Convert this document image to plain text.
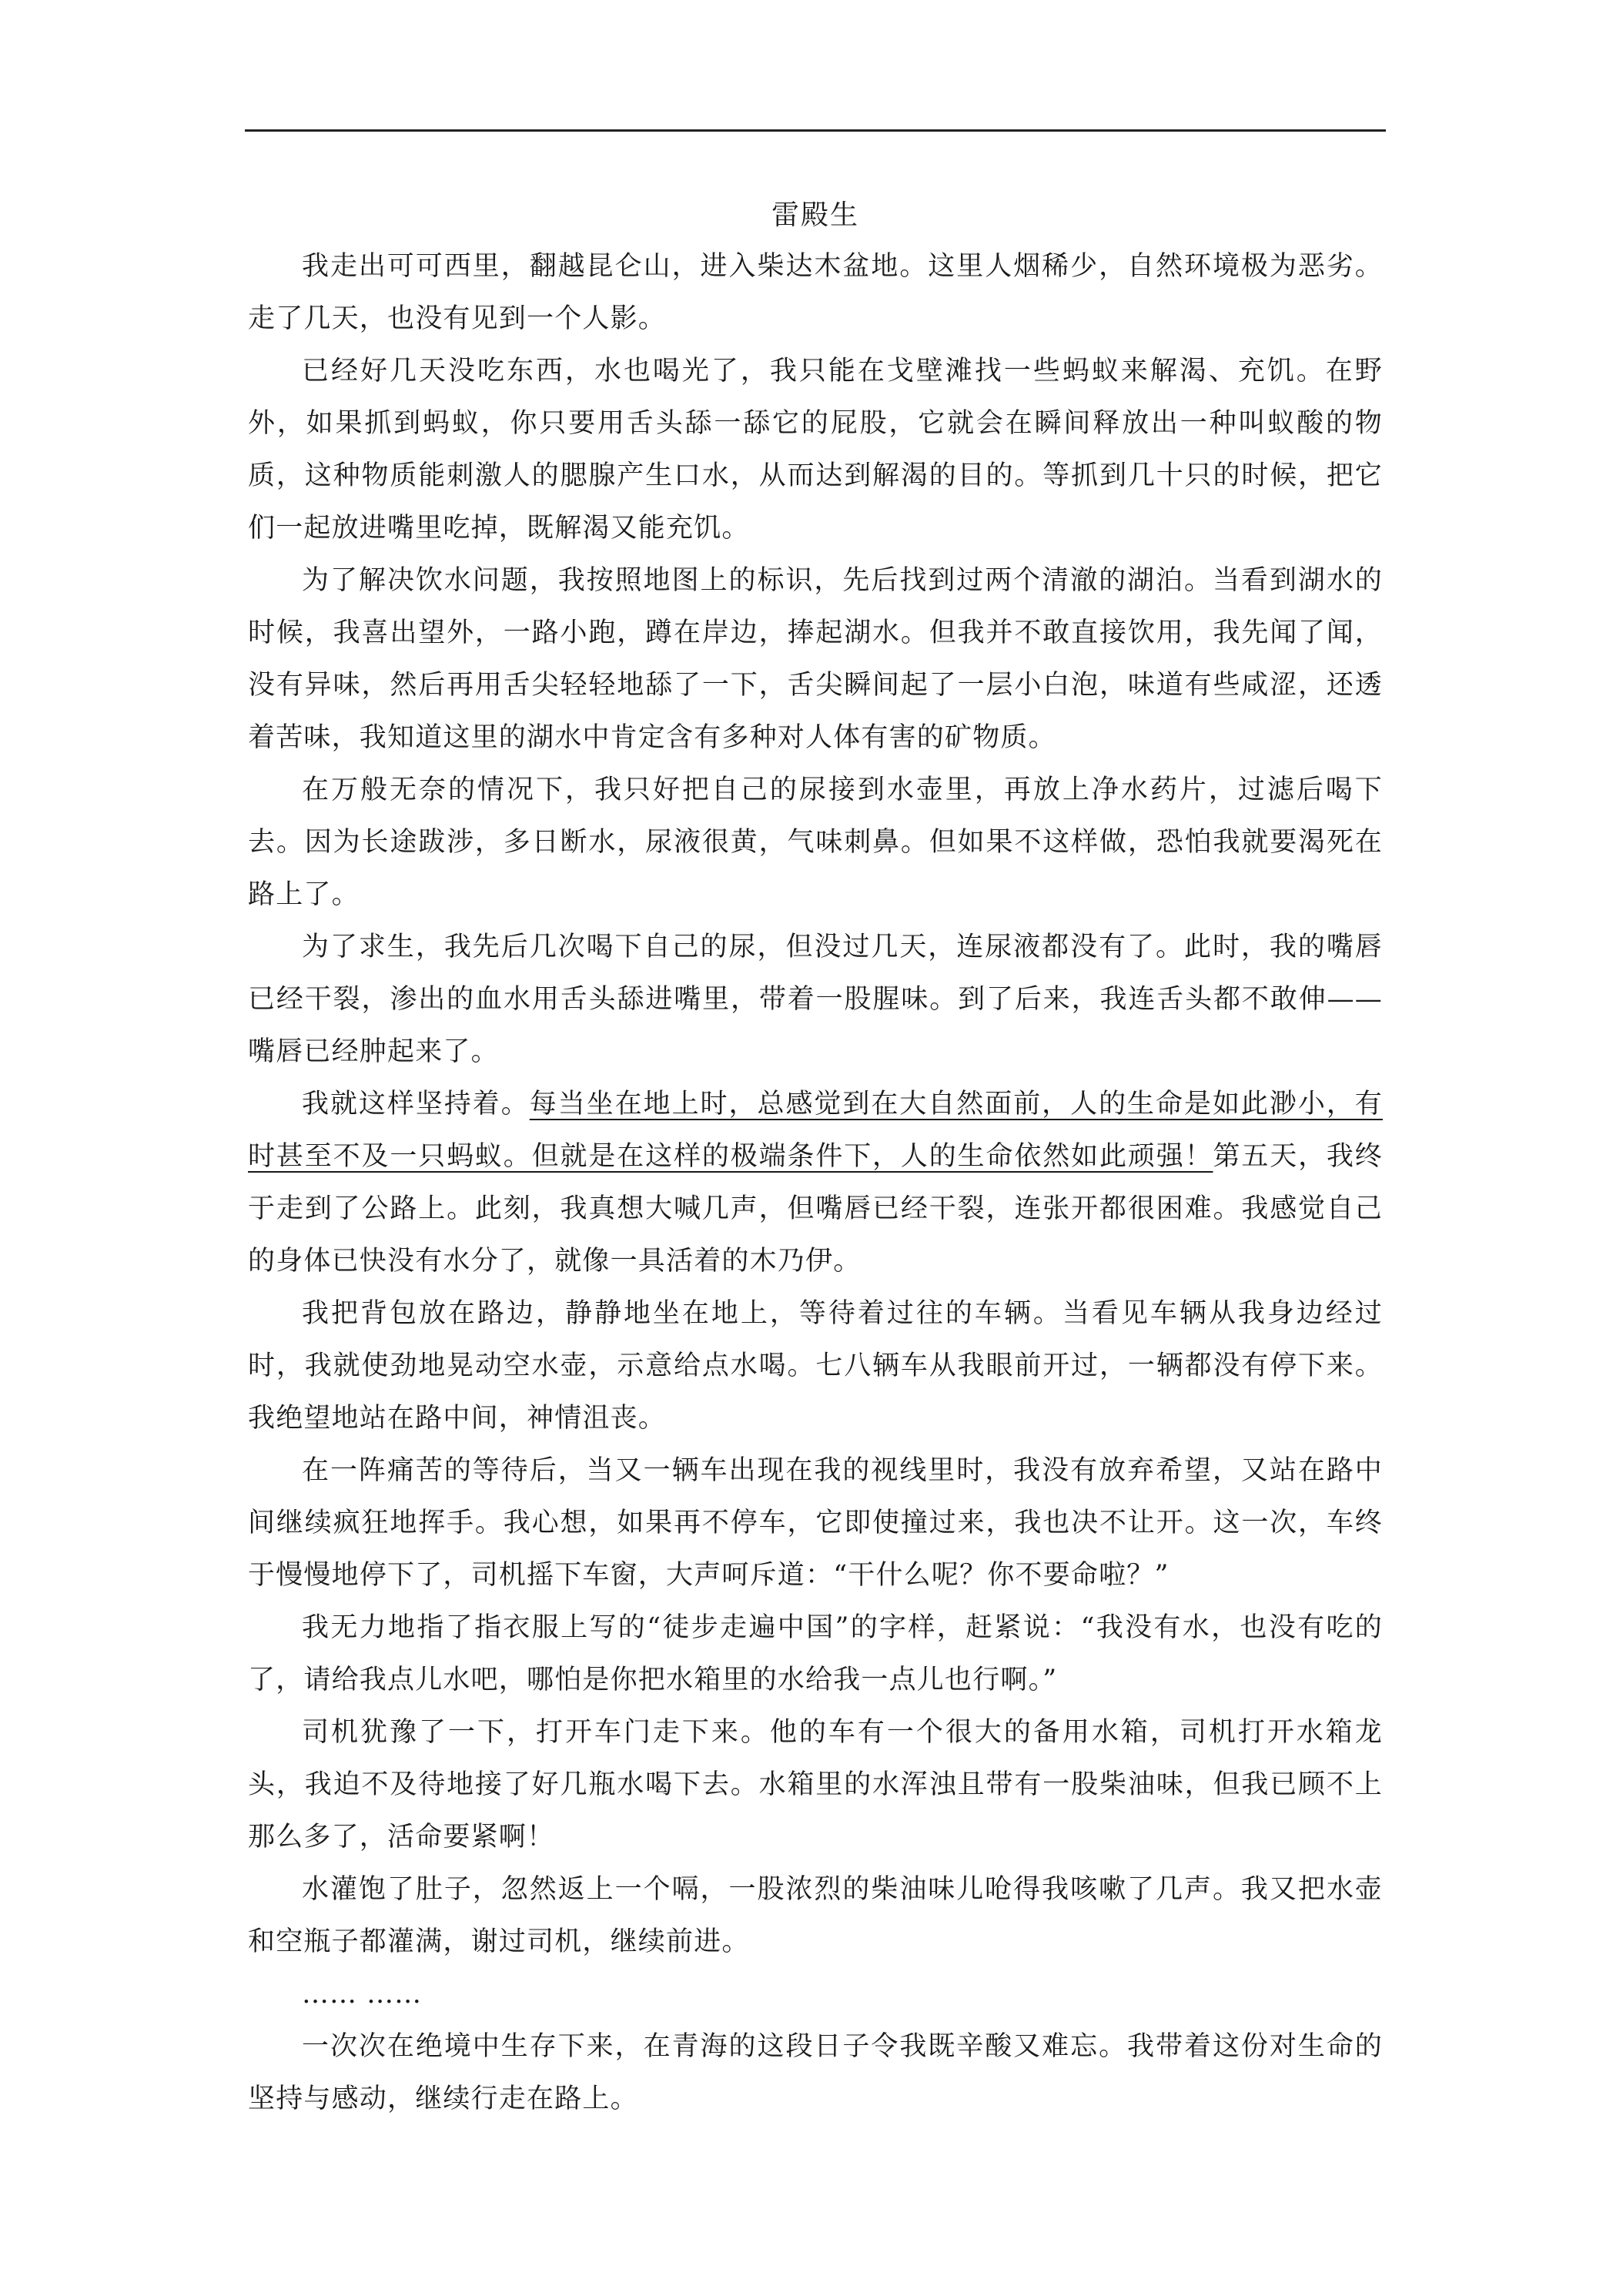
雷殿生

我走出可可西里，翻越昆仑山，进入柴达木盆地。这里人烟稀少，自然环境极为恶劣。走了几天，也没有见到一个人影。

已经好几天没吃东西，水也喝光了，我只能在戈壁滩找一些蚂蚁来解渴、充饥。在野外，如果抓到蚂蚁，你只要用舌头舔一舔它的屁股，它就会在瞬间释放出一种叫蚁酸的物质，这种物质能刺激人的腮腺产生口水，从而达到解渴的目的。等抓到几十只的时候，把它们一起放进嘴里吃掉，既解渴又能充饥。

为了解决饮水问题，我按照地图上的标识，先后找到过两个清澈的湖泊。当看到湖水的时候，我喜出望外，一路小跑，蹲在岸边，捧起湖水。但我并不敢直接饮用，我先闻了闻，没有异味，然后再用舌尖轻轻地舔了一下，舌尖瞬间起了一层小白泡，味道有些咸涩，还透着苦味，我知道这里的湖水中肯定含有多种对人体有害的矿物质。

在万般无奈的情况下，我只好把自己的尿接到水壶里，再放上净水药片，过滤后喝下去。因为长途跋涉，多日断水，尿液很黄，气味刺鼻。但如果不这样做，恐怕我就要渴死在路上了。

为了求生，我先后几次喝下自己的尿，但没过几天，连尿液都没有了。此时，我的嘴唇已经干裂，渗出的血水用舌头舔进嘴里，带着一股腥味。到了后来，我连舌头都不敢伸——嘴唇已经肿起来了。

我就这样坚持着。每当坐在地上时，总感觉到在大自然面前，人的生命是如此渺小，有时甚至不及一只蚂蚁。但就是在这样的极端条件下，人的生命依然如此顽强！第五天，我终于走到了公路上。此刻，我真想大喊几声，但嘴唇已经干裂，连张开都很困难。我感觉自己的身体已快没有水分了，就像一具活着的木乃伊。

我把背包放在路边，静静地坐在地上，等待着过往的车辆。当看见车辆从我身边经过时，我就使劲地晃动空水壶，示意给点水喝。七八辆车从我眼前开过，一辆都没有停下来。我绝望地站在路中间，神情沮丧。

在一阵痛苦的等待后，当又一辆车出现在我的视线里时，我没有放弃希望，又站在路中间继续疯狂地挥手。我心想，如果再不停车，它即使撞过来，我也决不让开。这一次，车终于慢慢地停下了，司机摇下车窗，大声呵斥道：“干什么呢？你不要命啦？”

我无力地指了指衣服上写的“徒步走遍中国”的字样，赶紧说：“我没有水，也没有吃的了，请给我点儿水吧，哪怕是你把水箱里的水给我一点儿也行啊。”

司机犹豫了一下，打开车门走下来。他的车有一个很大的备用水箱，司机打开水箱龙头，我迫不及待地接了好几瓶水喝下去。水箱里的水浑浊且带有一股柴油味，但我已顾不上那么多了，活命要紧啊！

水灌饱了肚子，忽然返上一个嗝，一股浓烈的柴油味儿呛得我咳嗽了几声。我又把水壶和空瓶子都灌满，谢过司机，继续前进。

…… ……

一次次在绝境中生存下来，在青海的这段日子令我既辛酸又难忘。我带着这份对生命的坚持与感动，继续行走在路上。
